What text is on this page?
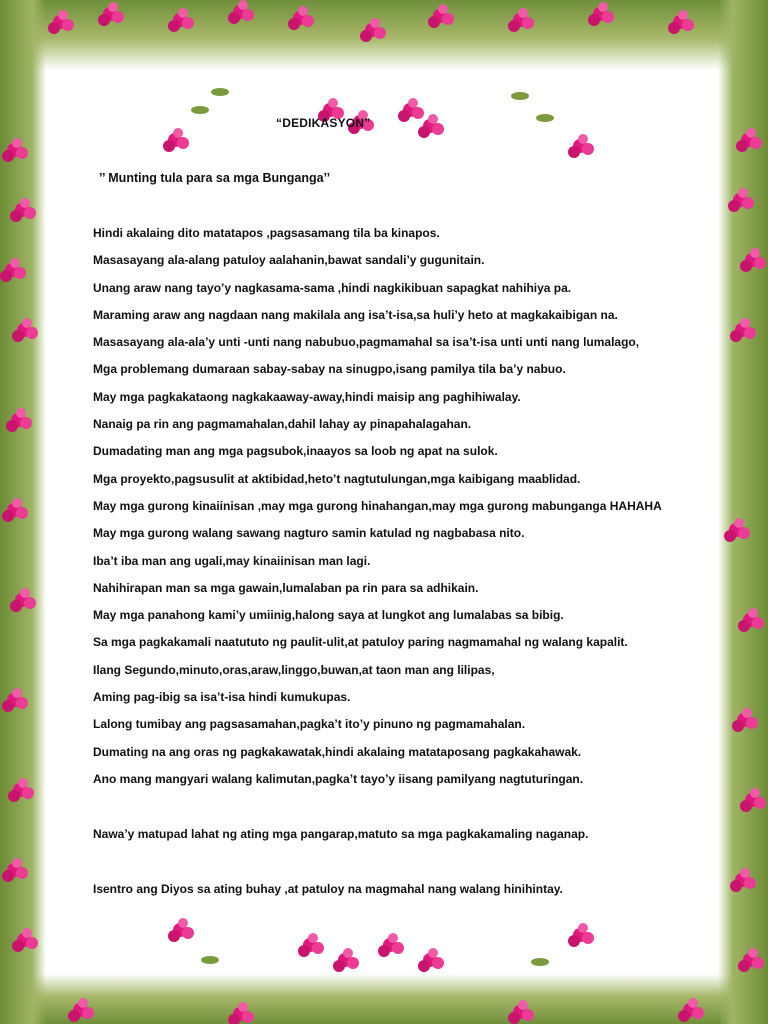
“DEDIKASYON”
’’ Munting tula para sa mga Bunganga’’
Hindi akalaing dito matatapos ,pagsasamang tila ba kinapos.
Masasayang ala-alang patuloy aalahanin,bawat sandali’y gugunitain.
Unang araw nang tayo’y nagkasama-sama ,hindi nagkikibuan sapagkat nahihiya pa.
Maraming araw ang nagdaan nang makilala ang isa’t-isa,sa huli’y heto at magkakaibigan na.
Masasayang ala-ala’y unti -unti nang nabubuo,pagmamahal sa isa’t-isa unti unti nang lumalago,
Mga problemang dumaraan sabay-sabay na sinugpo,isang pamilya tila ba’y nabuo.
May mga pagkakataong nagkakaaway-away,hindi maisip ang paghihiwalay.
Nanaig pa rin ang pagmamahalan,dahil lahay ay pinapahalagahan.
Dumadating man ang mga pagsubok,inaayos sa loob ng apat na sulok.
Mga proyekto,pagsusulit at aktibidad,heto’t nagtutulungan,mga kaibigang maablidad.
May mga gurong kinaiinisan ,may mga gurong hinahangan,may mga gurong mabunganga HAHAHA
May mga gurong walang sawang nagturo samin katulad ng nagbabasa nito.
Iba’t iba man ang ugali,may kinaiinisan man lagi.
Nahihirapan man sa mga gawain,lumalaban pa rin para sa adhikain.
May mga panahong kami’y umiinig,halong saya at lungkot ang lumalabas sa bibig.
Sa mga pagkakamali naatututo ng paulit-ulit,at patuloy paring nagmamahal ng walang kapalit.
Ilang Segundo,minuto,oras,araw,linggo,buwan,at taon man ang lilipas,
Aming pag-ibig sa isa’t-isa hindi kumukupas.
Lalong tumibay ang pagsasamahan,pagka’t ito’y pinuno ng pagmamahalan.
Dumating na ang oras ng pagkakawatak,hindi akalaing matataposang pagkakahawak.
Ano mang mangyari walang kalimutan,pagka’t tayo’y iisang pamilyang nagtuturingan.
Nawa’y matupad lahat ng ating mga pangarap,matuto sa mga pagkakamaling naganap.
Isentro ang Diyos sa ating buhay ,at patuloy na magmahal nang walang hinihintay.
